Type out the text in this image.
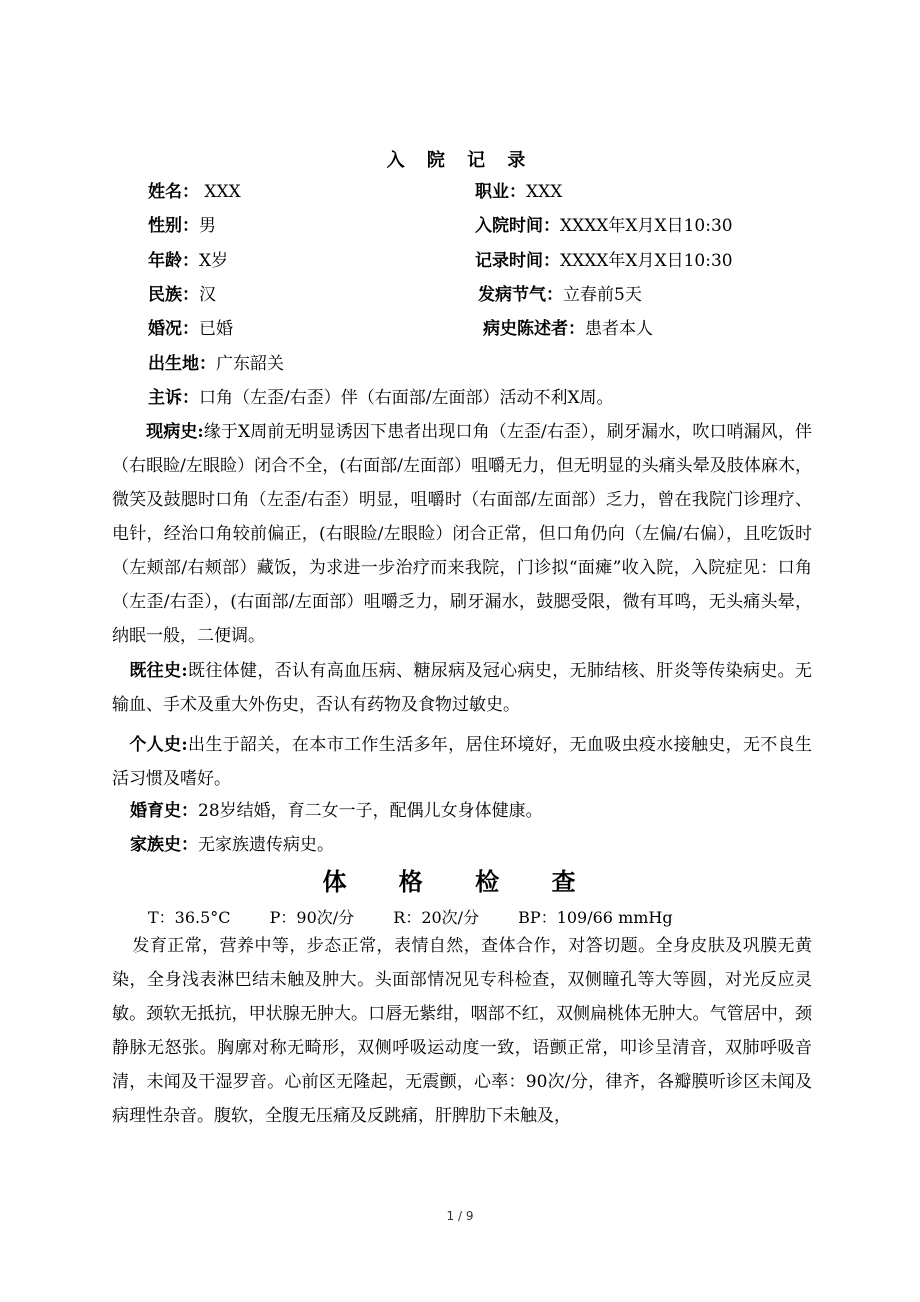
入 院 记 录
姓名： XXX	职业：XXX
性别：男	入院时间：XXXX年X月X日10:30
年龄：X岁	记录时间：XXXX年X月X日10:30
民族：汉	发病节气：立春前5天
婚况：已婚	病史陈述者：患者本人
出生地：广东韶关
主诉：口角（左歪/右歪）伴（右面部/左面部）活动不利X周。
现病史:缘于X周前无明显诱因下患者出现口角（左歪/右歪），刷牙漏水，吹口哨漏风，伴（右眼睑/左眼睑）闭合不全，(右面部/左面部）咀嚼无力，但无明显的头痛头晕及肢体麻木，微笑及鼓腮时口角（左歪/右歪）明显，咀嚼时（右面部/左面部）乏力，曾在我院门诊理疗、电针，经治口角较前偏正，(右眼睑/左眼睑）闭合正常，但口角仍向（左偏/右偏），且吃饭时（左颊部/右颊部）藏饭，为求进一步治疗而来我院，门诊拟“面瘫”收入院，入院症见：口角（左歪/右歪），(右面部/左面部）咀嚼乏力，刷牙漏水，鼓腮受限，微有耳鸣，无头痛头晕，纳眠一般，二便调。
既往史:既往体健，否认有高血压病、糖尿病及冠心病史，无肺结核、肝炎等传染病史。无输血、手术及重大外伤史，否认有药物及食物过敏史。
个人史:出生于韶关，在本市工作生活多年，居住环境好，无血吸虫疫水接触史，无不良生活习惯及嗜好。
婚育史：28岁结婚，育二女一子，配偶儿女身体健康。
家族史：无家族遗传病史。
体 格 检 查
T：36.5°C P：90次/分 R：20次/分 BP：109/66 mmHg
发育正常，营养中等，步态正常，表情自然，查体合作，对答切题。全身皮肤及巩膜无黄染，全身浅表淋巴结未触及肿大。头面部情况见专科检查，双侧瞳孔等大等圆，对光反应灵敏。颈软无抵抗，甲状腺无肿大。口唇无紫绀，咽部不红，双侧扁桃体无肿大。气管居中，颈静脉无怒张。胸廓对称无畸形，双侧呼吸运动度一致，语颤正常，叩诊呈清音，双肺呼吸音清，未闻及干湿罗音。心前区无隆起，无震颤，心率：90次/分，律齐，各瓣膜听诊区未闻及病理性杂音。腹软，全腹无压痛及反跳痛，肝脾肋下未触及，
1 / 9
